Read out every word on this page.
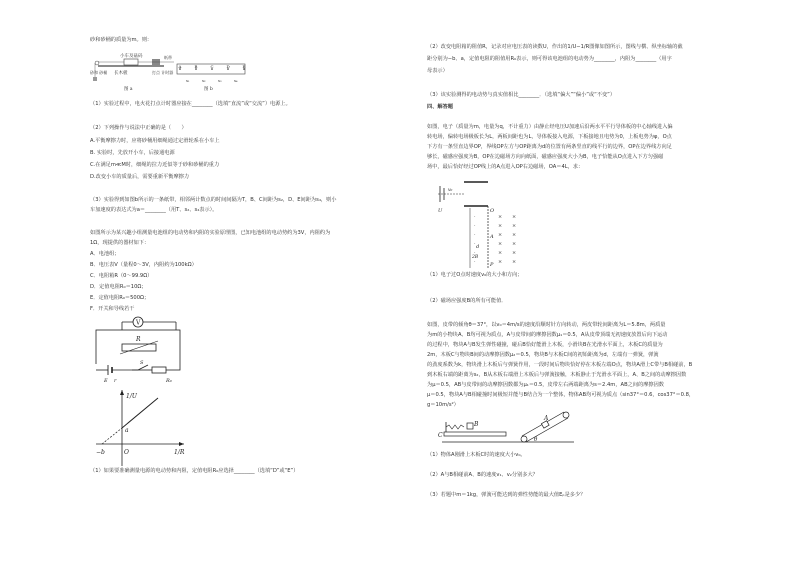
砂和砂桶的质量为m。则：
小车及砝码
长木板
砂和 砂桶	打点 计时器
纸带
图 a
A	B	C	D	E
s₁	s₂	s₃	s₄
图 b
（1）实验过程中，电火花打点计时器应接在________（选填“直流”或“交流”）电源上。
（2）下列操作与说法中正确的是（　　）
A.平衡摩擦力时，应将砂桶用细绳通过定滑轮系在小车上
B. 实验时，先放开小车，后接通电源
C.在满足m≪M时，细绳的拉力近似等于砂和砂桶的重力
D.改变小车的质量后，需要重新平衡摩擦力
（3）实验得到如图b所示的一条纸带，相邻两计数点的时间间隔为T，B、C间距为s₂，D、E间距为s₄，则小
车加速度的表达式为a＝________（用T、s₂、s₄表示）。
如图所示为某兴趣小组测量电池组的电动势和内阻的实验原理图，已知电池组的电动势约为3V，内阻约为
1Ω，现提供的器材如下：
A．电池组；
B．电压表V（量程0～3V，内阻约为100kΩ）
C．电阻箱R（0～99.9Ω）
D．定值电阻R₀＝10Ω；
E．定值电阻R₀＝500Ω；
F．开关和导线若干
V
R
E r
S
R₀
1/U
1/R
a
−b	O
（1）如果要准确测量电源的电动势和内阻，定值电阻R₀应选择________（选填“D”或“E”）
（2）改变电阻箱的阻值R，记录对应电压表的读数U，作出的1/U−1/R图像如图所示，图线与横、纵坐标轴的截
距分别为−b、a，定值电阻的阻值用R₀表示，则可得该电池组的电动势为________，内阻为________（用字
母表示）
（3）该实验测得的电动势与真实值相比________．（选填“偏大”“偏小”或“不变”）
四、解答题
如图，电子（质量为m，电量为q，不计重力）由静止经电压U加速后沿两水平平行导体板的中心轴线进入偏
转电场，偏转电场极板长为L，两板间距也为L，导体板接入电源，下板接地且电势为0，上板电势为φ，O点
下方有一条竖直边界OP，界线OP左方与OP距离为d的位置有两条竖直的线平行的边界，OP在边界线方向足
够长，磁感应强度为B，OP在边磁场方向向纸面，磁感应强度大小为B，电子恰能从O点进入下方匀强磁
场中，最后恰好经过OP线上的A点进入OP右边磁场，OA＝4L，求：
U	O
A
P
d
2B
v₀
× ×
·
× ×
·
× ×
·
× ×
·
× ×
·
× ×
·
（1）电子过O点时速度v₀的大小和方向；
（2）磁场应强度B的所有可能值．
如图，皮带的倾角θ＝37°，以v₀＝4m/s的速度沿顺时针方向转动，两皮带轮间距离为L＝5.8m，两质量
为m的小物块A、B均可视为质点，A与皮带间的摩擦因数μ₁＝0.5，A从皮带顶端无初速度放置后向下运动
的过程中，物块A与B发生弹性碰撞，碰后B恰好能滑上木板，小滑块B在光滑水平面上，木板C的质量为
2m，木板C与物块B间的动摩擦因数μ₂＝0.5，物块B与木板C间的初始距离为d，左端有一弹簧，弹簧
的劲度系数为k，物块滑上木板后与弹簧作用，一段时间后物块恰好停在木板左端O点，物块A滑上C带与B相碰前，B
到木板右端的距离为s₂，B从木板右端滑上木板后与弹簧接触，木板静止于光滑水平面上，A、B之间的动摩擦因数
为μ＝0.5，AB与皮带间的动摩擦因数都为μ₁＝0.5，皮带左右两端距离为s＝2.4m，AB之间的摩擦因数
μ＝0.5，物块A与B相碰撞时间极短并能与B结合为一个整体，物体AB均可视为质点（sin37°＝0.6，cos37°＝0.8，
g＝10m/s²）
A
B
C
θ
（1）物体A刚滑上木板C时的速度大小v₀。
（2）A与B相碰前A、B的速度v₁、v₂分别多大？
（3）若题中m＝1kg，弹簧可能达到的弹性势能的最大值Eₚ是多少？
